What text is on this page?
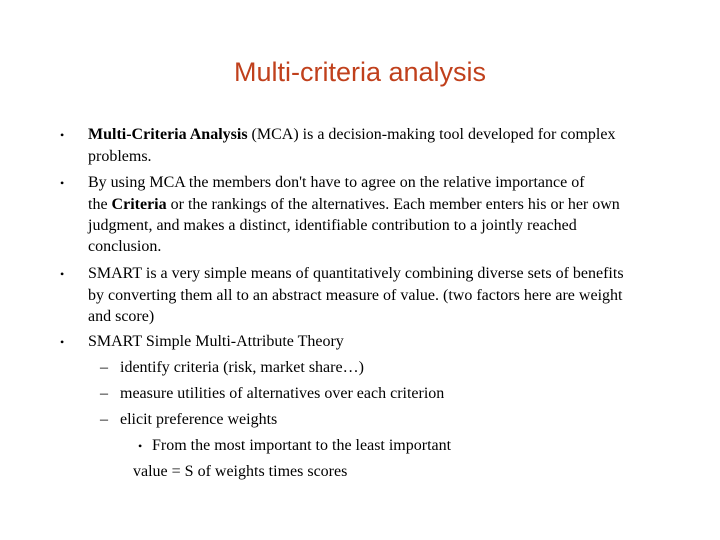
Multi-criteria analysis
• Multi-Criteria Analysis (MCA) is a decision-making tool developed for complex
problems.
• By using MCA the members don't have to agree on the relative importance of
the Criteria or the rankings of the alternatives. Each member enters his or her own
judgment, and makes a distinct, identifiable contribution to a jointly reached
conclusion.
• SMART is a very simple means of quantitatively combining diverse sets of benefits
by converting them all to an abstract measure of value. (two factors here are weight
and score)
• SMART Simple Multi-Attribute Theory
– identify criteria (risk, market share…)
– measure utilities of alternatives over each criterion
– elicit preference weights
• From the most important to the least important
value = S of weights times scores
